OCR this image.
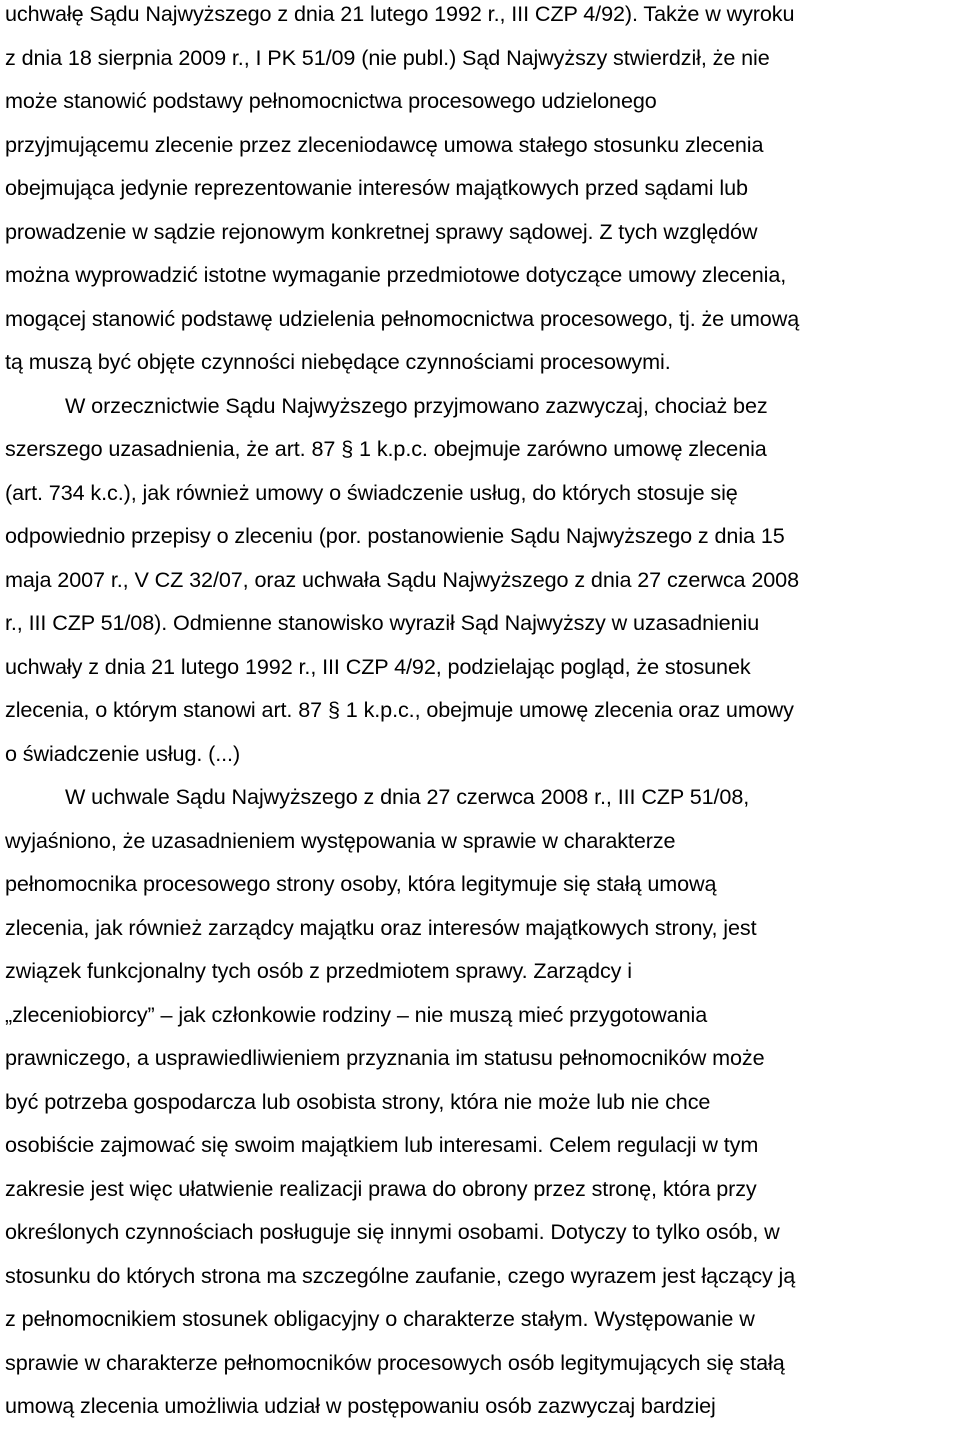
uchwałę Sądu Najwyższego z dnia 21 lutego 1992 r., III CZP 4/92). Także w wyroku
z dnia 18 sierpnia 2009 r., I PK 51/09 (nie publ.) Sąd Najwyższy stwierdził, że nie
może stanowić podstawy pełnomocnictwa procesowego udzielonego
przyjmującemu zlecenie przez zleceniodawcę umowa stałego stosunku zlecenia
obejmująca jedynie reprezentowanie interesów majątkowych przed sądami lub
prowadzenie w sądzie rejonowym konkretnej sprawy sądowej. Z tych względów
można wyprowadzić istotne wymaganie przedmiotowe dotyczące umowy zlecenia,
mogącej stanowić podstawę udzielenia pełnomocnictwa procesowego, tj. że umową
tą muszą być objęte czynności niebędące czynnościami procesowymi.
W orzecznictwie Sądu Najwyższego przyjmowano zazwyczaj, chociaż bez
szerszego uzasadnienia, że art. 87 § 1 k.p.c. obejmuje zarówno umowę zlecenia
(art. 734 k.c.), jak również umowy o świadczenie usług, do których stosuje się
odpowiednio przepisy o zleceniu (por. postanowienie Sądu Najwyższego z dnia 15
maja 2007 r., V CZ 32/07, oraz uchwała Sądu Najwyższego z dnia 27 czerwca 2008
r., III CZP 51/08). Odmienne stanowisko wyraził Sąd Najwyższy w uzasadnieniu
uchwały z dnia 21 lutego 1992 r., III CZP 4/92, podzielając pogląd, że stosunek
zlecenia, o którym stanowi art. 87 § 1 k.p.c., obejmuje umowę zlecenia oraz umowy
o świadczenie usług. (...)
W uchwale Sądu Najwyższego z dnia 27 czerwca 2008 r., III CZP 51/08,
wyjaśniono, że uzasadnieniem występowania w sprawie w charakterze
pełnomocnika procesowego strony osoby, która legitymuje się stałą umową
zlecenia, jak również zarządcy majątku oraz interesów majątkowych strony, jest
związek funkcjonalny tych osób z przedmiotem sprawy. Zarządcy i
„zleceniobiorcy” – jak członkowie rodziny – nie muszą mieć przygotowania
prawniczego, a usprawiedliwieniem przyznania im statusu pełnomocników może
być potrzeba gospodarcza lub osobista strony, która nie może lub nie chce
osobiście zajmować się swoim majątkiem lub interesami. Celem regulacji w tym
zakresie jest więc ułatwienie realizacji prawa do obrony przez stronę, która przy
określonych czynnościach posługuje się innymi osobami. Dotyczy to tylko osób, w
stosunku do których strona ma szczególne zaufanie, czego wyrazem jest łączący ją
z pełnomocnikiem stosunek obligacyjny o charakterze stałym. Występowanie w
sprawie w charakterze pełnomocników procesowych osób legitymujących się stałą
umową zlecenia umożliwia udział w postępowaniu osób zazwyczaj bardziej
